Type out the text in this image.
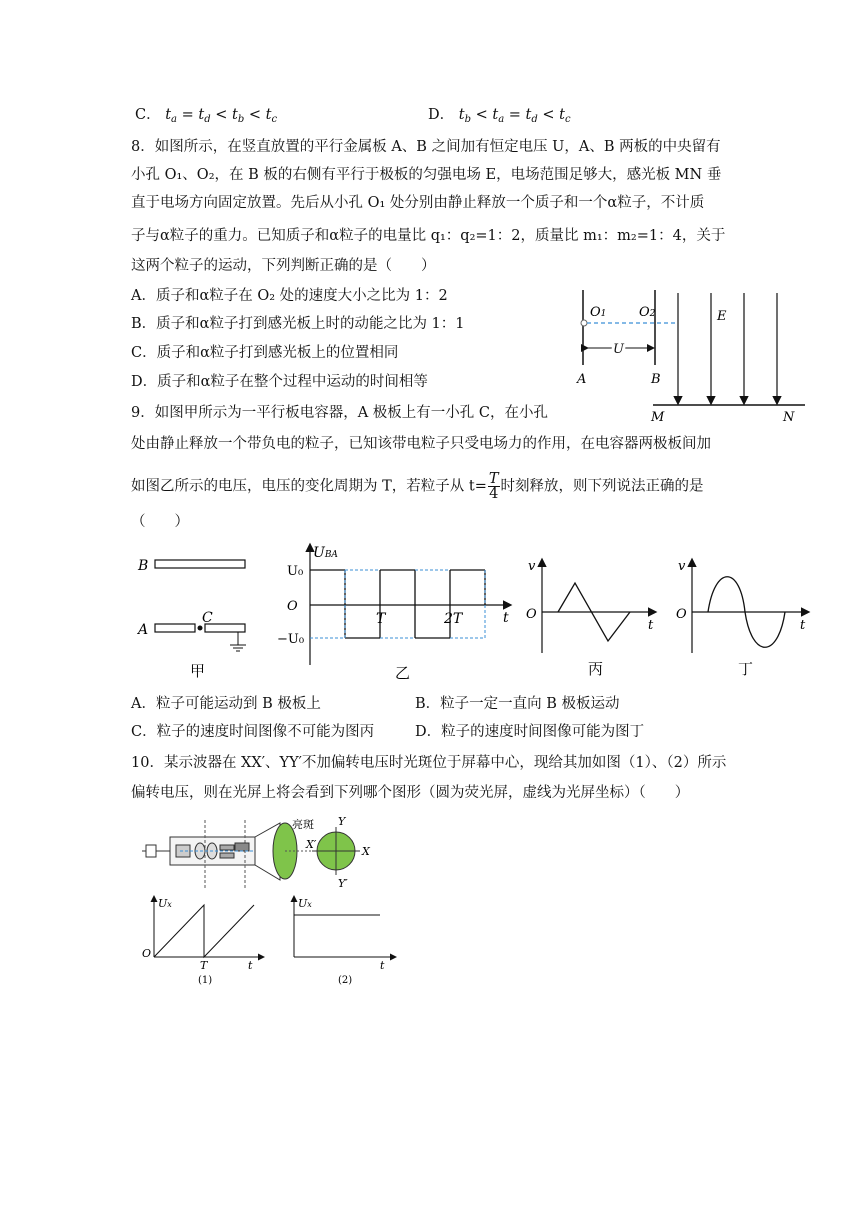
C． $t_a = t_d < t_b < t_c$	D． $t_b < t_a = t_d < t_c$
8．如图所示，在竖直放置的平行金属板 A、B 之间加有恒定电压 U，A、B 两板的中央留有
小孔 O₁、O₂，在 B 板的右侧有平行于极板的匀强电场 E，电场范围足够大，感光板 MN 垂
直于电场方向固定放置。先后从小孔 O₁ 处分别由静止释放一个质子和一个α粒子，不计质
子与α粒子的重力。已知质子和α粒子的电量比 q₁：q₂=1：2，质量比 m₁：m₂=1：4，关于
这两个粒子的运动，下列判断正确的是（　　）
A．质子和α粒子在 O₂ 处的速度大小之比为 1：2
B．质子和α粒子打到感光板上时的动能之比为 1：1
C．质子和α粒子打到感光板上的位置相同
D．质子和α粒子在整个过程中运动的时间相等
O1	O2
U
A	B
E
M	N
9．如图甲所示为一平行板电容器，A 极板上有一小孔 C，在小孔
处由静止释放一个带负电的粒子，已知该带电粒子只受电场力的作用，在电容器两极板间加
如图乙所示的电压，电压的变化周期为 T，若粒子从 $t= \frac{T}{4}$ 时刻释放，则下列说法正确的是
（　　）
B
A
C
甲
UBA
U₀
O
−U₀
T	2T	t
乙
v
O
t
丙
v
O
t
丁
A．粒子可能运动到 B 极板上	B．粒子一定一直向 B 极板运动
C．粒子的速度时间图像不可能为图丙	D．粒子的速度时间图像可能为图丁
10．某示波器在 XX′、YY′不加偏转电压时光斑位于屏幕中心，现给其加如图（1）、（2）所示
偏转电压，则在光屏上将会看到下列哪个图形（圆为荧光屏，虚线为光屏坐标）（　　）
亮斑 Y
Y′
X
X′
Ux
O
T	t
(1)
Ux
t
(2)
